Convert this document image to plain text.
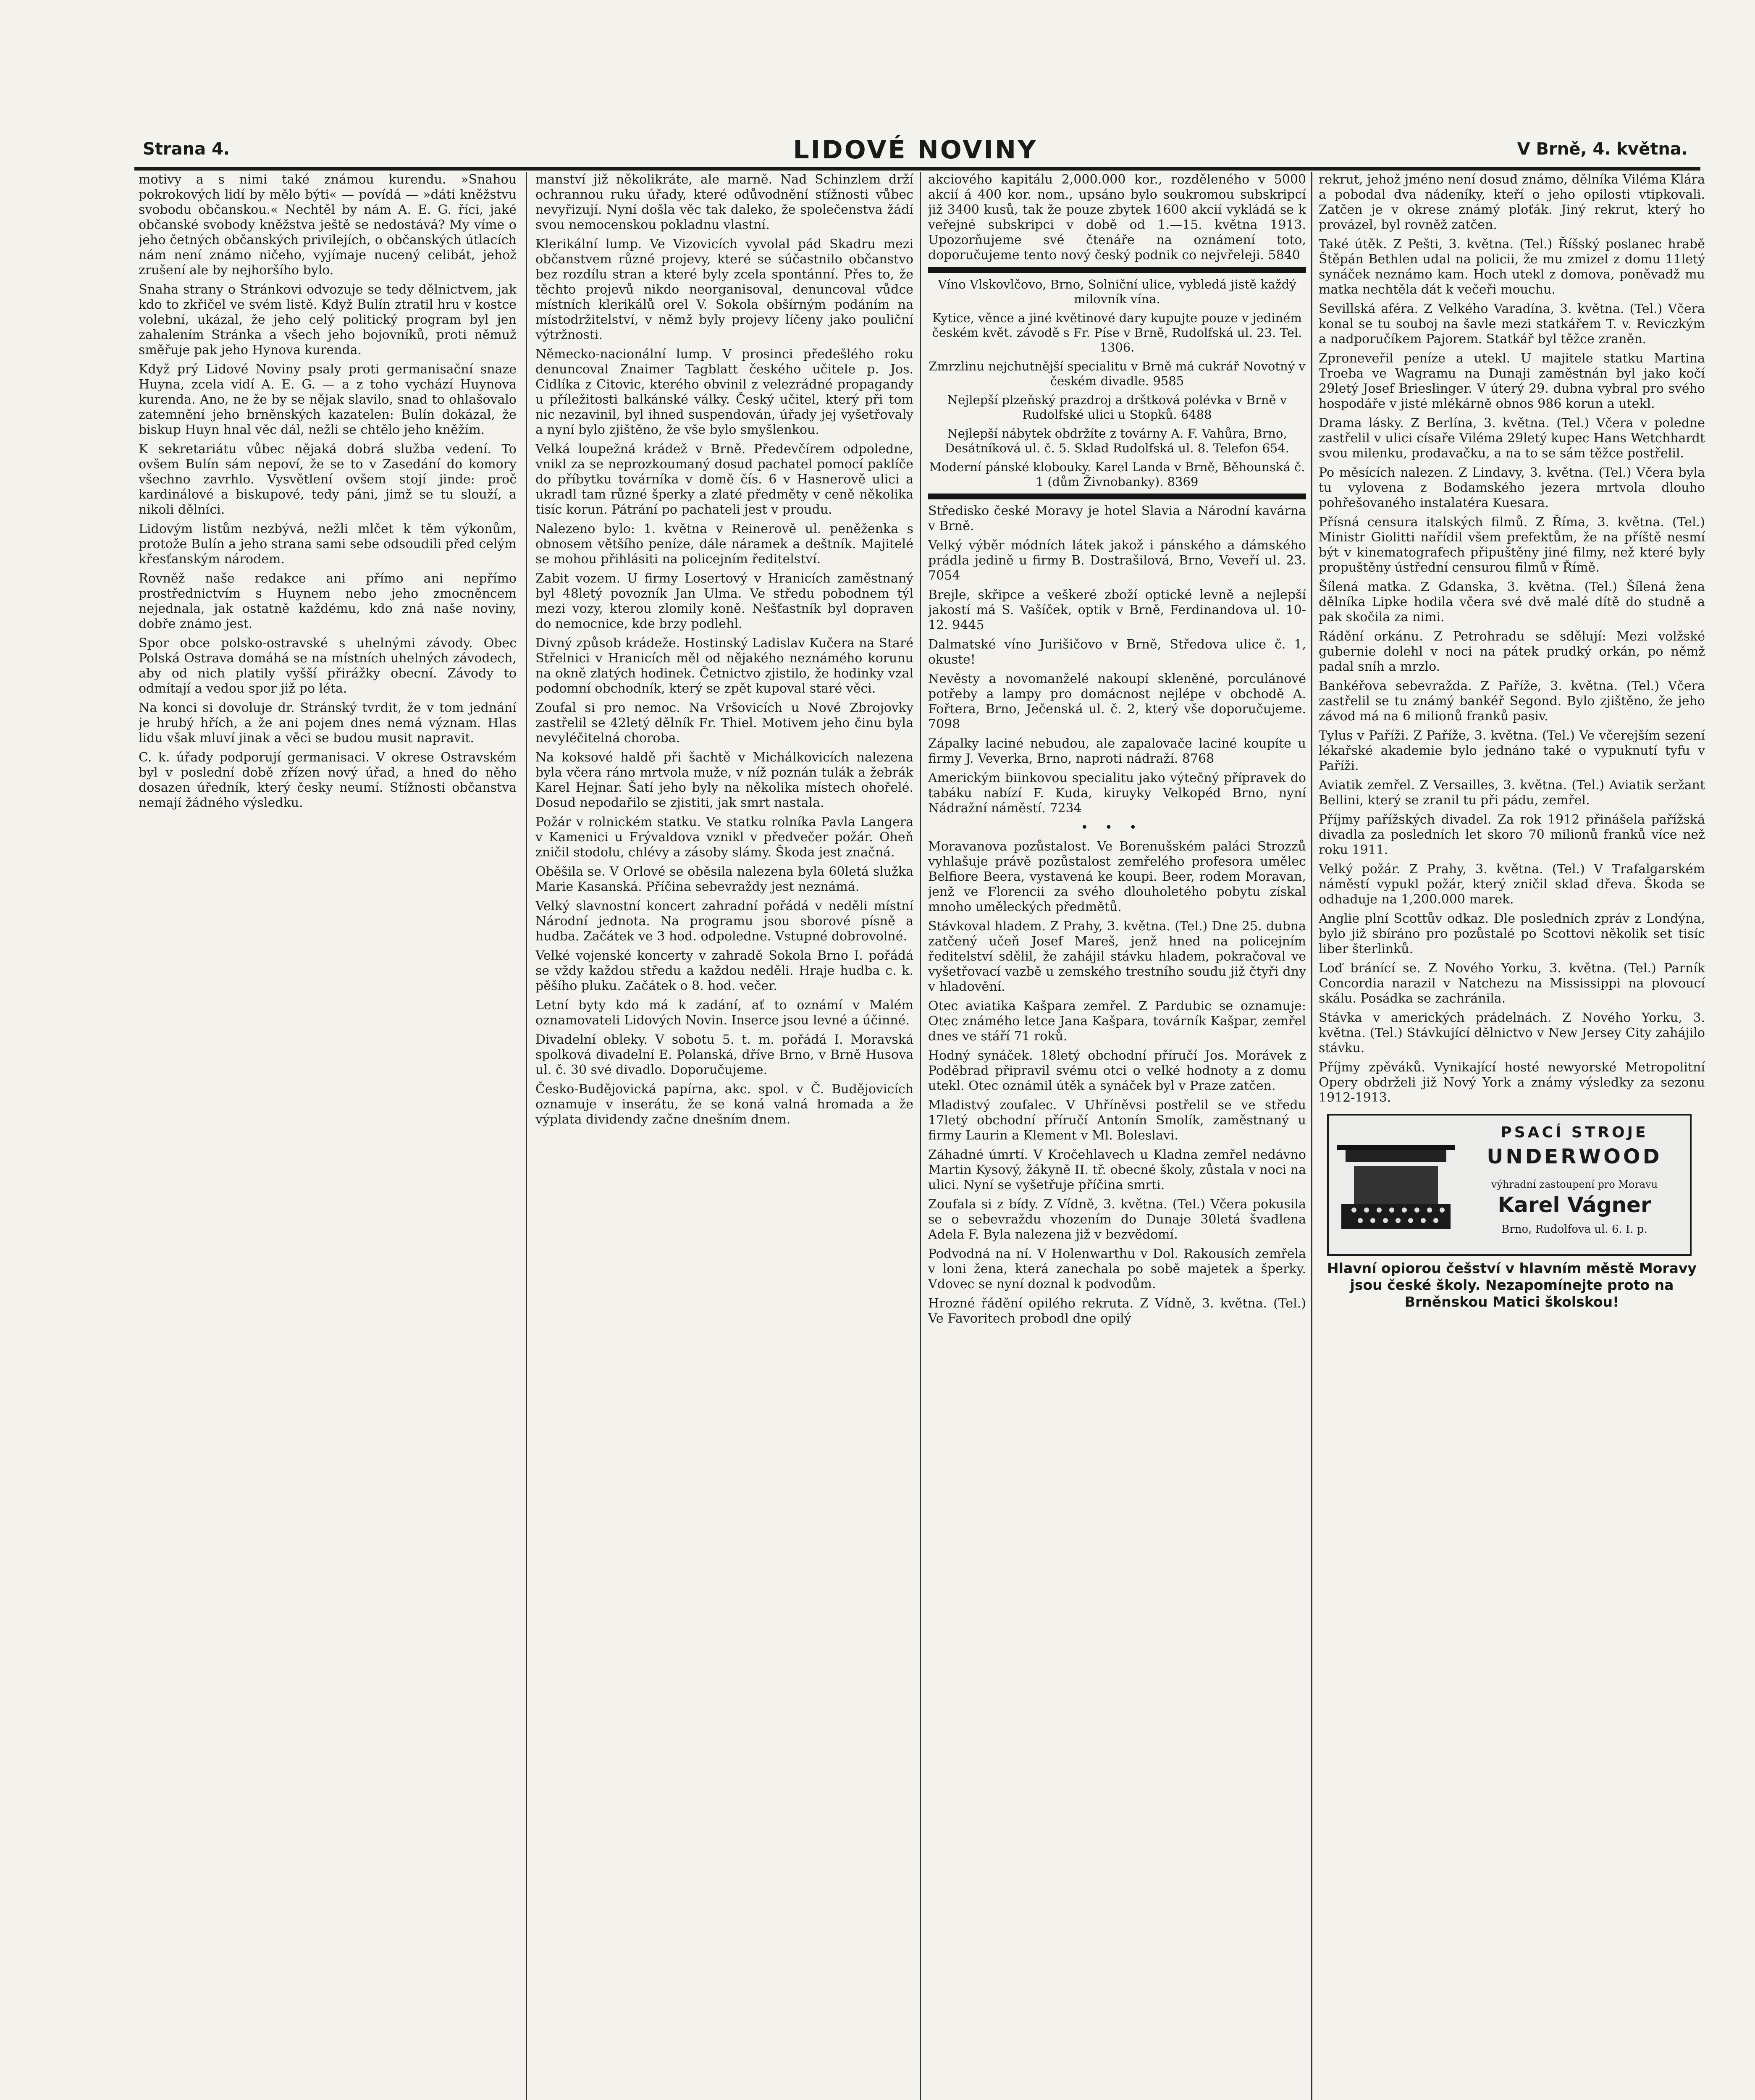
Strana 4.	LIDOVÉ NOVINY	V Brně, 4. května.

motivy a s nimi také známou kurendu. »Snahou pokrokových lidí by mělo býti« — povídá — »dáti kněžstvu svobodu občanskou.« Nechtěl by nám A. E. G. říci, jaké občanské svobody kněžstva ještě se nedostává? My víme o jeho četných občanských privilejích, o občanských útlacích nám není známo ničeho, vyjímaje nucený celibát, jehož zrušení ale by nejhoršího bylo.

Snaha strany o Stránkovi odvozuje se tedy dělnictvem, jak kdo to zkřičel ve svém listě. Když Bulín ztratil hru v kostce volební, ukázal, že jeho celý politický program byl jen zahalením Stránka a všech jeho bojovníků, proti němuž směřuje pak jeho Hynova kurenda.

Když prý Lidové Noviny psaly proti germanisační snaze Huyna, zcela vidí A. E. G. — a z toho vychází Huynova kurenda. Ano, ne že by se nějak slavilo, snad to ohlašovalo zatemnění jeho brněnských kazatelen: Bulín dokázal, že biskup Huyn hnal věc dál, nežli se chtělo jeho kněžím.

K sekretariátu vůbec nějaká dobrá služba vedení. To ovšem Bulín sám nepoví, že se to v Zasedání do komory všechno zavrhlo. Vysvětlení ovšem stojí jinde: proč kardinálové a biskupové, tedy páni, jimž se tu slouží, a nikoli dělníci.

Lidovým listům nezbývá, nežli mlčet k těm výkonům, protože Bulín a jeho strana sami sebe odsoudili před celým křesťanským národem.

Rovněž naše redakce ani přímo ani nepřímo prostřednictvím s Huynem nebo jeho zmocněncem nejednala, jak ostatně každému, kdo zná naše noviny, dobře známo jest.

Spor obce polsko-ostravské s uhelnými závody. Obec Polská Ostrava domáhá se na místních uhelných závodech, aby od nich platily vyšší přirážky obecní. Závody to odmítají a vedou spor již po léta.

Na konci si dovoluje dr. Stránský tvrdit, že v tom jednání je hrubý hřích, a že ani pojem dnes nemá význam. Hlas lidu však mluví jinak a věci se budou musit napravit.

C. k. úřady podporují germanisaci. V okrese Ostravském byl v poslední době zřízen nový úřad, a hned do něho dosazen úředník, který česky neumí. Stížnosti občanstva nemají žádného výsledku.

manství již několikráte, ale marně. Nad Schinzlem drží ochrannou ruku úřady, které odůvodnění stížnosti vůbec nevyřizují. Nyní došla věc tak daleko, že společenstva žádí svou nemocenskou pokladnu vlastní.

Klerikální lump. Ve Vizovicích vyvolal pád Skadru mezi občanstvem různé projevy, které se súčastnilo občanstvo bez rozdílu stran a které byly zcela spontánní. Přes to, že těchto projevů nikdo neorganisoval, denuncoval vůdce místních klerikálů orel V. Sokola obšírným podáním na místodržitelství, v němž byly projevy líčeny jako pouliční výtržnosti.

Německo-nacionální lump. V prosinci předešlého roku denuncoval Znaimer Tagblatt českého učitele p. Jos. Cidlíka z Citovic, kterého obvinil z velezrádné propagandy u příležitosti balkánské války. Český učitel, který při tom nic nezavinil, byl ihned suspendován, úřady jej vyšetřovaly a nyní bylo zjištěno, že vše bylo smyšlenkou.

Velká loupežná krádež v Brně. Předevčírem odpoledne, vnikl za se neprozkoumaný dosud pachatel pomocí paklíče do příbytku továrníka v domě čís. 6 v Hasnerově ulici a ukradl tam různé šperky a zlaté předměty v ceně několika tisíc korun. Pátrání po pachateli jest v proudu.

Nalezeno bylo: 1. května v Reinerově ul. peněženka s obnosem většího peníze, dále náramek a deštník. Majitelé se mohou přihlásiti na policejním ředitelství.

Zabit vozem. U firmy Losertový v Hranicích zaměstnaný byl 48letý povozník Jan Ulma. Ve středu pobodnem týl mezi vozy, kterou zlomily koně. Nešťastník byl dopraven do nemocnice, kde brzy podlehl.

Divný způsob krádeže. Hostinský Ladislav Kučera na Staré Střelnici v Hranicích měl od nějakého neznámého korunu na okně zlatých hodinek. Četnictvo zjistilo, že hodinky vzal podomní obchodník, který se zpět kupoval staré věci.

Zoufal si pro nemoc. Na Vršovicích u Nové Zbrojovky zastřelil se 42letý dělník Fr. Thiel. Motivem jeho činu byla nevyléčitelná choroba.

Na koksové haldě při šachtě v Michálkovicích nalezena byla včera ráno mrtvola muže, v níž poznán tulák a žebrák Karel Hejnar. Šatí jeho byly na několika místech ohořelé. Dosud nepodařilo se zjistiti, jak smrt nastala.

Požár v rolnickém statku. Ve statku rolníka Pavla Langera v Kamenici u Frývaldova vznikl v předvečer požár. Oheň zničil stodolu, chlévy a zásoby slámy. Škoda jest značná.

Oběšila se. V Orlové se oběsila nalezena byla 60letá služka Marie Kasanská. Příčina sebevraždy jest neznámá.

Velký slavnostní koncert zahradní pořádá v neděli místní Národní jednota. Na programu jsou sborové písně a hudba. Začátek ve 3 hod. odpoledne. Vstupné dobrovolné.

Velké vojenské koncerty v zahradě Sokola Brno I. pořádá se vždy každou středu a každou neděli. Hraje hudba c. k. pěšího pluku. Začátek o 8. hod. večer.

Letní byty kdo má k zadání, ať to oznámí v Malém oznamovateli Lidových Novin. Inserce jsou levné a účinné.

Divadelní obleky. V sobotu 5. t. m. pořádá I. Moravská spolková divadelní E. Polanská, dříve Brno, v Brně Husova ul. č. 30 své divadlo. Doporučujeme.

Česko-Budějovická papírna, akc. spol. v Č. Budějovicích oznamuje v inserátu, že se koná valná hromada a že výplata dividendy začne dnešním dnem.

akciového kapitálu 2,000.000 kor., rozděleného v 5000 akcií á 400 kor. nom., upsáno bylo soukromou subskripcí již 3400 kusů, tak že pouze zbytek 1600 akcií vykládá se k veřejné subskripci v době od 1.—15. května 1913. Upozorňujeme své čtenáře na oznámení toto, doporučujeme tento nový český podnik co nejvřeleji. 5840

Víno Vlskovlčovo, Brno, Solniční ulice, vybledá jistě každý milovník vína.

Kytice, věnce a jiné květinové dary kupujte pouze v jediném českém květ. závodě s Fr. Píse v Brně, Rudolfská ul. 23. Tel. 1306.

Zmrzlinu nejchutnější specialitu v Brně má cukrář Novotný v českém divadle. 9585

Nejlepší plzeňský prazdroj a drštková polévka v Brně v Rudolfské ulici u Stopků. 6488

Nejlepší nábytek obdržíte z továrny A. F. Vahůra, Brno, Desátníková ul. č. 5. Sklad Rudolfská ul. 8. Telefon 654.

Moderní pánské klobouky. Karel Landa v Brně, Běhounská č. 1 (dům Živnobanky). 8369

Středisko české Moravy je hotel Slavia a Národní kavárna v Brně.

Velký výběr módních látek jakož i pánského a dámského prádla jedině u firmy B. Dostrašilová, Brno, Veveří ul. 23. 7054

Brejle, skřipce a veškeré zboží optické levně a nejlepší jakostí má S. Vašíček, optik v Brně, Ferdinandova ul. 10-12. 9445

Dalmatské víno Jurišičovo v Brně, Středova ulice č. 1, okuste!

Nevěsty a novomanželé nakoupí skleněné, porculánové potřeby a lampy pro domácnost nejlépe v obchodě A. Fořtera, Brno, Ječenská ul. č. 2, který vše doporučujeme. 7098

Zápalky laciné nebudou, ale zapalovače laciné koupíte u firmy J. Veverka, Brno, naproti nádraží. 8768

Americkým biinkovou specialitu jako výtečný přípravek do tabáku nabízí F. Kuda, kiruyky Velkopéd Brno, nyní Nádražní náměstí. 7234

•••

Moravanova pozůstalost. Ve Borenušském paláci Strozzů vyhlašuje právě pozůstalost zemřelého profesora umělec Belfiore Beera, vystavená ke koupi. Beer, rodem Moravan, jenž ve Florencii za svého dlouholetého pobytu získal mnoho uměleckých předmětů.

Stávkoval hladem. Z Prahy, 3. května. (Tel.) Dne 25. dubna zatčený učeň Josef Mareš, jenž hned na policejním ředitelství sdělil, že zahájil stávku hladem, pokračoval ve vyšetřovací vazbě u zemského trestního soudu již čtyři dny v hladovění.

Otec aviatika Kašpara zemřel. Z Pardubic se oznamuje: Otec známého letce Jana Kašpara, továrník Kašpar, zemřel dnes ve stáří 71 roků.

Hodný synáček. 18letý obchodní příručí Jos. Morávek z Poděbrad připravil svému otci o velké hodnoty a z domu utekl. Otec oznámil útěk a synáček byl v Praze zatčen.

Mladistvý zoufalec. V Uhříněvsi postřelil se ve středu 17letý obchodní příručí Antonín Smolík, zaměstnaný u firmy Laurin a Klement v Ml. Boleslavi.

Záhadné úmrtí. V Kročehlavech u Kladna zemřel nedávno Martin Kysový, žákyně II. tř. obecné školy, zůstala v noci na ulici. Nyní se vyšetřuje příčina smrti.

Zoufala si z bídy. Z Vídně, 3. května. (Tel.) Včera pokusila se o sebevraždu vhozením do Dunaje 30letá švadlena Adela F. Byla nalezena již v bezvědomí.

Podvodná na ní. V Holenwarthu v Dol. Rakousích zemřela v loni žena, která zanechala po sobě majetek a šperky. Vdovec se nyní doznal k podvodům.

Hrozné řádění opilého rekruta. Z Vídně, 3. května. (Tel.) Ve Favoritech probodl dne opilý

rekrut, jehož jméno není dosud známo, dělníka Viléma Klára a pobodal dva nádeníky, kteří o jeho opilosti vtipkovali. Zatčen je v okrese známý ploťák. Jiný rekrut, který ho provázel, byl rovněž zatčen.

Také útěk. Z Pešti, 3. května. (Tel.) Říšský poslanec hrabě Štěpán Bethlen udal na policii, že mu zmizel z domu 11letý synáček neznámo kam. Hoch utekl z domova, poněvadž mu matka nechtěla dát k večeři mouchu.

Sevillská aféra. Z Velkého Varadína, 3. května. (Tel.) Včera konal se tu souboj na šavle mezi statkářem T. v. Reviczkým a nadporučíkem Pajorem. Statkář byl těžce zraněn.

Zproneveřil peníze a utekl. U majitele statku Martina Troeba ve Wagramu na Dunaji zaměstnán byl jako kočí 29letý Josef Brieslinger. V úterý 29. dubna vybral pro svého hospodáře v jisté mlékárně obnos 986 korun a utekl.

Drama lásky. Z Berlína, 3. května. (Tel.) Včera v poledne zastřelil v ulici císaře Viléma 29letý kupec Hans Wetchhardt svou milenku, prodavačku, a na to se sám těžce postřelil.

Po měsících nalezen. Z Lindavy, 3. května. (Tel.) Včera byla tu vylovena z Bodamského jezera mrtvola dlouho pohřešovaného instalatéra Kuesara.

Přísná censura italských filmů. Z Říma, 3. května. (Tel.) Ministr Giolitti nařídil všem prefektům, že na příště nesmí být v kinematografech připuštěny jiné filmy, než které byly propuštěny ústřední censurou filmů v Římě.

Šílená matka. Z Gdanska, 3. května. (Tel.) Šílená žena dělníka Lipke hodila včera své dvě malé dítě do studně a pak skočila za nimi.

Rádění orkánu. Z Petrohradu se sdělují: Mezi volžské gubernie dolehl v noci na pátek prudký orkán, po němž padal sníh a mrzlo.

Bankéřova sebevražda. Z Paříže, 3. května. (Tel.) Včera zastřelil se tu známý bankéř Segond. Bylo zjištěno, že jeho závod má na 6 milionů franků pasiv.

Tylus v Paříži. Z Paříže, 3. května. (Tel.) Ve včerejším sezení lékařské akademie bylo jednáno také o vypuknutí tyfu v Paříži.

Aviatik zemřel. Z Versailles, 3. května. (Tel.) Aviatik seržant Bellini, který se zranil tu při pádu, zemřel.

Příjmy pařížských divadel. Za rok 1912 přinášela pařížská divadla za posledních let skoro 70 milionů franků více než roku 1911.

Velký požár. Z Prahy, 3. května. (Tel.) V Trafalgarském náměstí vypukl požár, který zničil sklad dřeva. Škoda se odhaduje na 1,200.000 marek.

Anglie plní Scottův odkaz. Dle posledních zpráv z Londýna, bylo již sbíráno pro pozůstalé po Scottovi několik set tisíc liber šterlinků.

Loď bránící se. Z Nového Yorku, 3. května. (Tel.) Parník Concordia narazil v Natchezu na Mississippi na plovoucí skálu. Posádka se zachránila.

Stávka v amerických prádelnách. Z Nového Yorku, 3. května. (Tel.) Stávkující dělnictvo v New Jersey City zahájilo stávku.

Příjmy zpěváků. Vynikající hosté newyorské Metropolitní Opery obdrželi již Nový York a známy výsledky za sezonu 1912-1913.

PSACÍ STROJE
UNDERWOOD
výhradní zastoupení pro Moravu
Karel Vágner
Brno, Rudolfova ul. 6. I. p.
Hlavní opiorou češství v hlavním městě Moravy jsou české školy. Nezapomínejte proto na Brněnskou Matici školskou!
